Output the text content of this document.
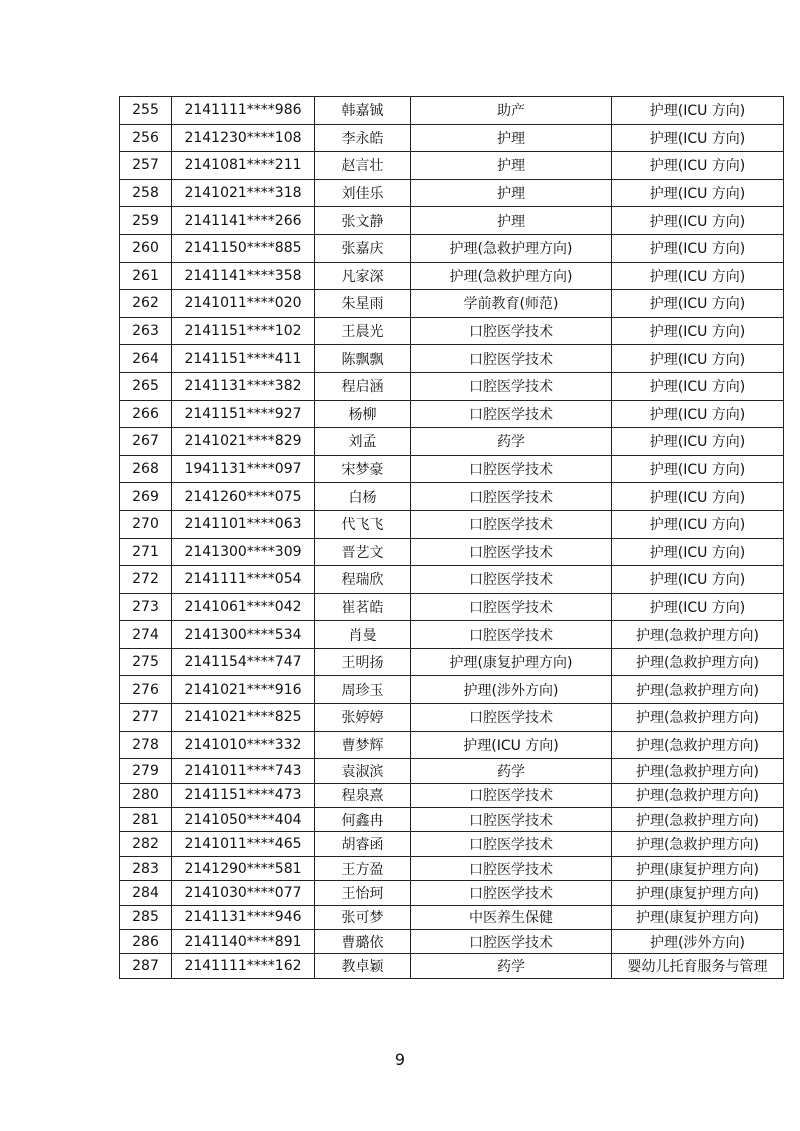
255	2141111****986	韩嘉铖	助产	护理(ICU 方向)
256	2141230****108	李永皓	护理	护理(ICU 方向)
257	2141081****211	赵言壮	护理	护理(ICU 方向)
258	2141021****318	刘佳乐	护理	护理(ICU 方向)
259	2141141****266	张文静	护理	护理(ICU 方向)
260	2141150****885	张嘉庆	护理(急救护理方向)	护理(ICU 方向)
261	2141141****358	凡家深	护理(急救护理方向)	护理(ICU 方向)
262	2141011****020	朱星雨	学前教育(师范)	护理(ICU 方向)
263	2141151****102	王晨光	口腔医学技术	护理(ICU 方向)
264	2141151****411	陈飘飘	口腔医学技术	护理(ICU 方向)
265	2141131****382	程启涵	口腔医学技术	护理(ICU 方向)
266	2141151****927	杨柳	口腔医学技术	护理(ICU 方向)
267	2141021****829	刘孟	药学	护理(ICU 方向)
268	1941131****097	宋梦豪	口腔医学技术	护理(ICU 方向)
269	2141260****075	白杨	口腔医学技术	护理(ICU 方向)
270	2141101****063	代飞飞	口腔医学技术	护理(ICU 方向)
271	2141300****309	晋艺文	口腔医学技术	护理(ICU 方向)
272	2141111****054	程瑞欣	口腔医学技术	护理(ICU 方向)
273	2141061****042	崔茗皓	口腔医学技术	护理(ICU 方向)
274	2141300****534	肖曼	口腔医学技术	护理(急救护理方向)
275	2141154****747	王明扬	护理(康复护理方向)	护理(急救护理方向)
276	2141021****916	周珍玉	护理(涉外方向)	护理(急救护理方向)
277	2141021****825	张婷婷	口腔医学技术	护理(急救护理方向)
278	2141010****332	曹梦辉	护理(ICU 方向)	护理(急救护理方向)
279	2141011****743	袁淑滨	药学	护理(急救护理方向)
280	2141151****473	程泉熹	口腔医学技术	护理(急救护理方向)
281	2141050****404	何鑫冉	口腔医学技术	护理(急救护理方向)
282	2141011****465	胡睿函	口腔医学技术	护理(急救护理方向)
283	2141290****581	王方盈	口腔医学技术	护理(康复护理方向)
284	2141030****077	王怡珂	口腔医学技术	护理(康复护理方向)
285	2141131****946	张可梦	中医养生保健	护理(康复护理方向)
286	2141140****891	曹璐依	口腔医学技术	护理(涉外方向)
287	2141111****162	教卓颖	药学	婴幼儿托育服务与管理
9
